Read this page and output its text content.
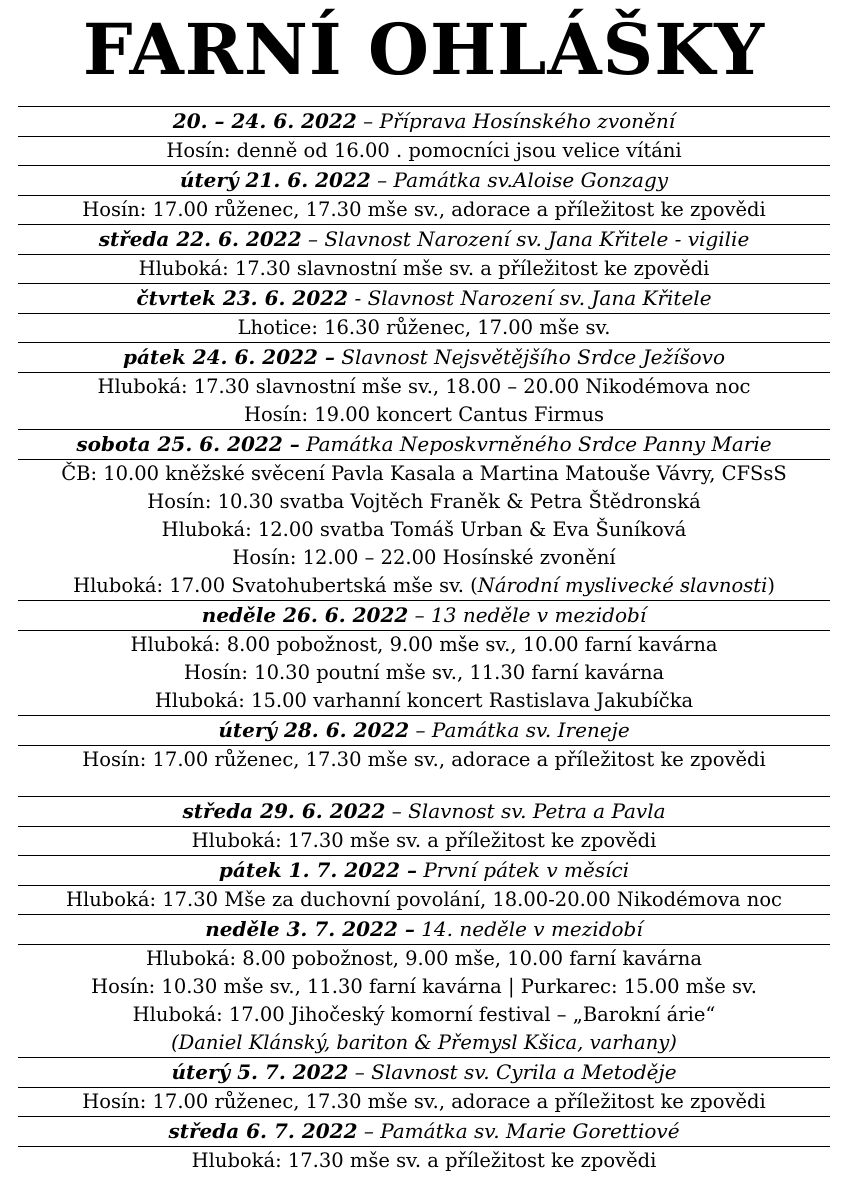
FARNÍ OHLÁŠKY
20. – 24. 6. 2022 – Příprava Hosínského zvonění
Hosín: denně od 16.00 . pomocníci jsou velice vítáni
úterý 21. 6. 2022 – Památka sv.Aloise Gonzagy
Hosín: 17.00 růženec, 17.30 mše sv., adorace a příležitost ke zpovědi
středa 22. 6. 2022 – Slavnost Narození sv. Jana Křitele - vigilie
Hluboká: 17.30 slavnostní mše sv. a příležitost ke zpovědi
čtvrtek 23. 6. 2022 - Slavnost Narození sv. Jana Křitele
Lhotice: 16.30 růženec, 17.00 mše sv.
pátek 24. 6. 2022 – Slavnost Nejsvětějšího Srdce Ježíšovo
Hluboká: 17.30 slavnostní mše sv., 18.00 – 20.00 Nikodémova noc
Hosín: 19.00 koncert Cantus Firmus
sobota 25. 6. 2022 – Památka Neposkvrněného Srdce Panny Marie
ČB: 10.00 kněžské svěcení Pavla Kasala a Martina Matouše Vávry, CFSsS
Hosín: 10.30 svatba Vojtěch Franěk & Petra Štědronská
Hluboká: 12.00 svatba Tomáš Urban & Eva Šuníková
Hosín: 12.00 – 22.00 Hosínské zvonění
Hluboká: 17.00 Svatohubertská mše sv. (Národní myslivecké slavnosti)
neděle 26. 6. 2022 – 13 neděle v mezidobí
Hluboká: 8.00 pobožnost, 9.00 mše sv., 10.00 farní kavárna
Hosín: 10.30 poutní mše sv., 11.30 farní kavárna
Hluboká: 15.00 varhanní koncert Rastislava Jakubíčka
úterý 28. 6. 2022 – Památka sv. Ireneje
Hosín: 17.00 růženec, 17.30 mše sv., adorace a příležitost ke zpovědi
středa 29. 6. 2022 – Slavnost sv. Petra a Pavla
Hluboká: 17.30 mše sv. a příležitost ke zpovědi
pátek 1. 7. 2022 – První pátek v měsíci
Hluboká: 17.30 Mše za duchovní povolání, 18.00-20.00 Nikodémova noc
neděle 3. 7. 2022 – 14. neděle v mezidobí
Hluboká: 8.00 pobožnost, 9.00 mše, 10.00 farní kavárna
Hosín: 10.30 mše sv., 11.30 farní kavárna | Purkarec: 15.00 mše sv.
Hluboká: 17.00 Jihočeský komorní festival – „Barokní árie“
(Daniel Klánský, bariton & Přemysl Kšica, varhany)
úterý 5. 7. 2022 – Slavnost sv. Cyrila a Metoděje
Hosín: 17.00 růženec, 17.30 mše sv., adorace a příležitost ke zpovědi
středa 6. 7. 2022 – Památka sv. Marie Gorettiové
Hluboká: 17.30 mše sv. a příležitost ke zpovědi
